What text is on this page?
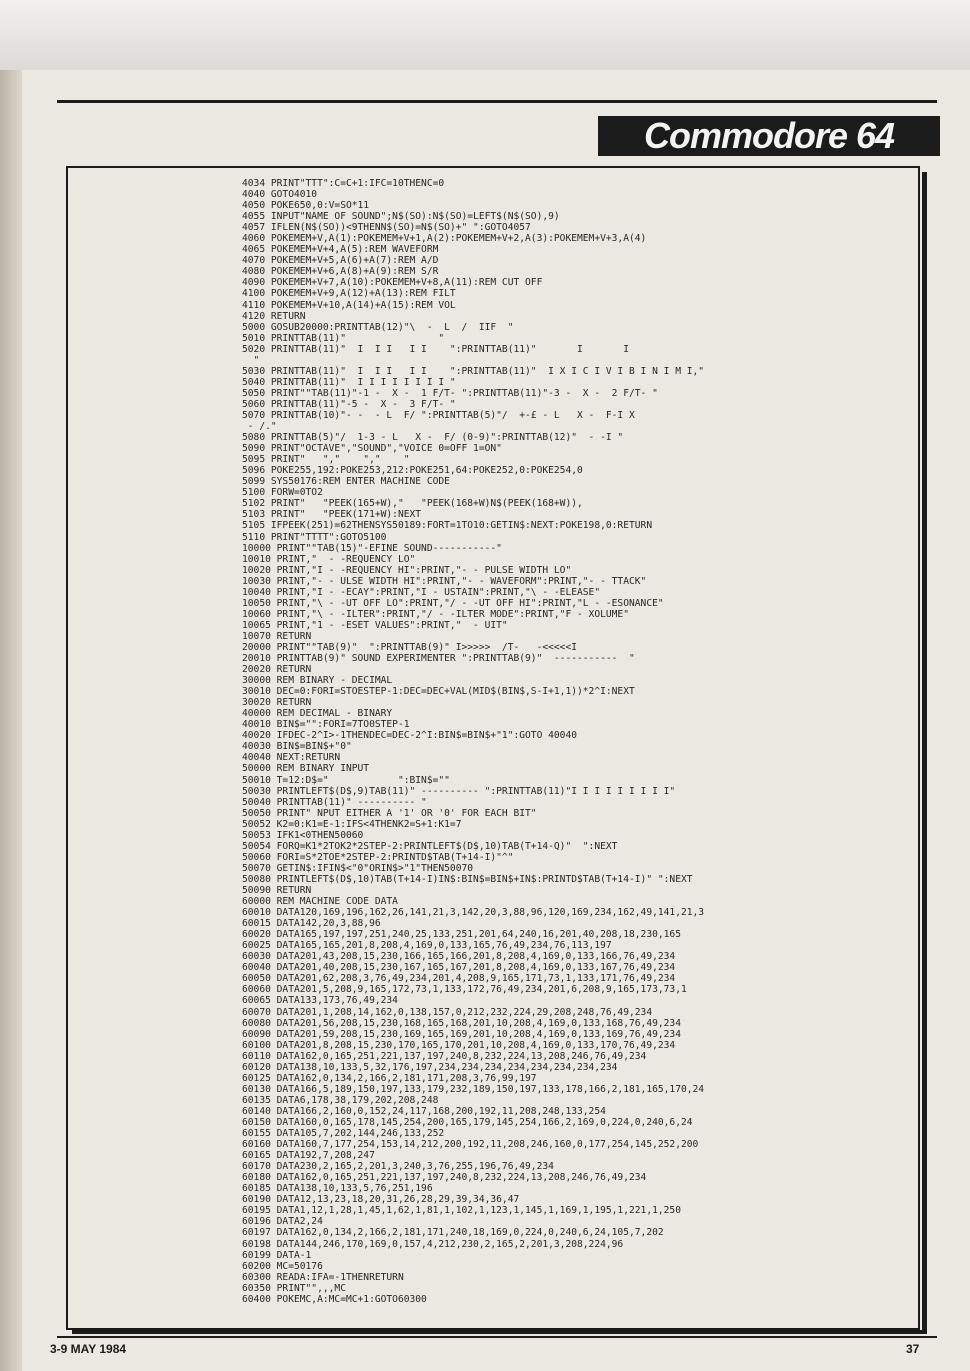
Commodore 64
4034 PRINT"TTT":C=C+1:IFC=10THENC=0
4040 GOTO4010
4050 POKE650,0:V=SO*11
4055 INPUT"NAME OF SOUND";N$(SO):N$(SO)=LEFT$(N$(SO),9)
4057 IFLEN(N$(SO))<9THENN$(SO)=N$(SO)+" ":GOTO4057
4060 POKEMEM+V,A(1):POKEMEM+V+1,A(2):POKEMEM+V+2,A(3):POKEMEM+V+3,A(4)
4065 POKEMEM+V+4,A(5):REM WAVEFORM
4070 POKEMEM+V+5,A(6)+A(7):REM A/D
4080 POKEMEM+V+6,A(8)+A(9):REM S/R
4090 POKEMEM+V+7,A(10):POKEMEM+V+8,A(11):REM CUT OFF
4100 POKEMEM+V+9,A(12)+A(13):REM FILT
4110 POKEMEM+V+10,A(14)+A(15):REM VOL
4120 RETURN
5000 GOSUB20000:PRINTTAB(12)"\  -  L  /  IIF  "
5010 PRINTTAB(11)"                "
5020 PRINTTAB(11)"  I  I I   I I    ":PRINTTAB(11)"       I       I
"
5030 PRINTTAB(11)"  I  I I   I I    ":PRINTTAB(11)"  I X I C I V I B I N I M I,"
5040 PRINTTAB(11)"  I I I I I I I I "
5050 PRINT""TAB(11)"-1 -  X -  1 F/T- ":PRINTTAB(11)"-3 -  X -  2 F/T- "
5060 PRINTTAB(11)"-5 -  X -  3 F/T- "
5070 PRINTTAB(10)"- -  - L  F/ ":PRINTTAB(5)"/  +-£ - L   X -  F-I X
- /."
5080 PRINTTAB(5)"/  1-3 - L   X -  F/ (0-9)":PRINTTAB(12)"  - -I "
5090 PRINT"OCTAVE","SOUND","VOICE 0=OFF 1=ON"
5095 PRINT"   ","    ","    "
5096 POKE255,192:POKE253,212:POKE251,64:POKE252,0:POKE254,0
5099 SYS50176:REM ENTER MACHINE CODE
5100 FORW=0TO2
5102 PRINT"   "PEEK(165+W),"   "PEEK(168+W)N$(PEEK(168+W)),
5103 PRINT"   "PEEK(171+W):NEXT
5105 IFPEEK(251)=62THENSYS50189:FORT=1TO10:GETIN$:NEXT:POKE198,0:RETURN
5110 PRINT"TTTT":GOTO5100
10000 PRINT""TAB(15)"-EFINE SOUND-----------"
10010 PRINT,"  - -REQUENCY LO"
10020 PRINT,"I - -REQUENCY HI":PRINT,"- - PULSE WIDTH LO"
10030 PRINT,"- - ULSE WIDTH HI":PRINT,"- - WAVEFORM":PRINT,"- - TTACK"
10040 PRINT,"I - -ECAY":PRINT,"I - USTAIN":PRINT,"\ - -ELEASE"
10050 PRINT,"\ - -UT OFF LO":PRINT,"/ - -UT OFF HI":PRINT,"L - -ESONANCE"
10060 PRINT,"\ - -ILTER":PRINT,"/ - -ILTER MODE":PRINT,"F - XOLUME"
10065 PRINT,"1 - -ESET VALUES":PRINT,"  - UIT"
10070 RETURN
20000 PRINT""TAB(9)"  ":PRINTTAB(9)" I>>>>>  /T-   -<<<<<I
20010 PRINTTAB(9)" SOUND EXPERIMENTER ":PRINTTAB(9)"  -----------  "
20020 RETURN
30000 REM BINARY - DECIMAL
30010 DEC=0:FORI=STOESTEP-1:DEC=DEC+VAL(MID$(BIN$,S-I+1,1))*2^I:NEXT
30020 RETURN
40000 REM DECIMAL - BINARY
40010 BIN$="":FORI=7TO0STEP-1
40020 IFDEC-2^I>-1THENDEC=DEC-2^I:BIN$=BIN$+"1":GOTO 40040
40030 BIN$=BIN$+"0"
40040 NEXT:RETURN
50000 REM BINARY INPUT
50010 T=12:D$="            ":BIN$=""
50030 PRINTLEFT$(D$,9)TAB(11)" ---------- ":PRINTTAB(11)"I I I I I I I I I"
50040 PRINTTAB(11)" ---------- "
50050 PRINT" NPUT EITHER A '1' OR '0' FOR EACH BIT"
50052 K2=0:K1=E-1:IFS<4THENK2=S+1:K1=7
50053 IFK1<0THEN50060
50054 FORQ=K1*2TOK2*2STEP-2:PRINTLEFT$(D$,10)TAB(T+14-Q)"  ":NEXT
50060 FORI=S*2TOE*2STEP-2:PRINTD$TAB(T+14-I)"^"
50070 GETIN$:IFIN$<"0"ORIN$>"1"THEN50070
50080 PRINTLEFT$(D$,10)TAB(T+14-I)IN$:BIN$=BIN$+IN$:PRINTD$TAB(T+14-I)" ":NEXT
50090 RETURN
60000 REM MACHINE CODE DATA
60010 DATA120,169,196,162,26,141,21,3,142,20,3,88,96,120,169,234,162,49,141,21,3
60015 DATA142,20,3,88,96
60020 DATA165,197,197,251,240,25,133,251,201,64,240,16,201,40,208,18,230,165
60025 DATA165,165,201,8,208,4,169,0,133,165,76,49,234,76,113,197
60030 DATA201,43,208,15,230,166,165,166,201,8,208,4,169,0,133,166,76,49,234
60040 DATA201,40,208,15,230,167,165,167,201,8,208,4,169,0,133,167,76,49,234
60050 DATA201,62,208,3,76,49,234,201,4,208,9,165,171,73,1,133,171,76,49,234
60060 DATA201,5,208,9,165,172,73,1,133,172,76,49,234,201,6,208,9,165,173,73,1
60065 DATA133,173,76,49,234
60070 DATA201,1,208,14,162,0,138,157,0,212,232,224,29,208,248,76,49,234
60080 DATA201,56,208,15,230,168,165,168,201,10,208,4,169,0,133,168,76,49,234
60090 DATA201,59,208,15,230,169,165,169,201,10,208,4,169,0,133,169,76,49,234
60100 DATA201,8,208,15,230,170,165,170,201,10,208,4,169,0,133,170,76,49,234
60110 DATA162,0,165,251,221,137,197,240,8,232,224,13,208,246,76,49,234
60120 DATA138,10,133,5,32,176,197,234,234,234,234,234,234,234,234
60125 DATA162,0,134,2,166,2,181,171,208,3,76,99,197
60130 DATA166,5,189,150,197,133,179,232,189,150,197,133,178,166,2,181,165,170,24
60135 DATA6,178,38,179,202,208,248
60140 DATA166,2,160,0,152,24,117,168,200,192,11,208,248,133,254
60150 DATA160,0,165,178,145,254,200,165,179,145,254,166,2,169,0,224,0,240,6,24
60155 DATA105,7,202,144,246,133,252
60160 DATA160,7,177,254,153,14,212,200,192,11,208,246,160,0,177,254,145,252,200
60165 DATA192,7,208,247
60170 DATA230,2,165,2,201,3,240,3,76,255,196,76,49,234
60180 DATA162,0,165,251,221,137,197,240,8,232,224,13,208,246,76,49,234
60185 DATA138,10,133,5,76,251,196
60190 DATA12,13,23,18,20,31,26,28,29,39,34,36,47
60195 DATA1,12,1,28,1,45,1,62,1,81,1,102,1,123,1,145,1,169,1,195,1,221,1,250
60196 DATA2,24
60197 DATA162,0,134,2,166,2,181,171,240,18,169,0,224,0,240,6,24,105,7,202
60198 DATA144,246,170,169,0,157,4,212,230,2,165,2,201,3,208,224,96
60199 DATA-1
60200 MC=50176
60300 READA:IFA=-1THENRETURN
60350 PRINT"",,,MC
60400 POKEMC,A:MC=MC+1:GOTO60300
3-9 MAY 1984	37
